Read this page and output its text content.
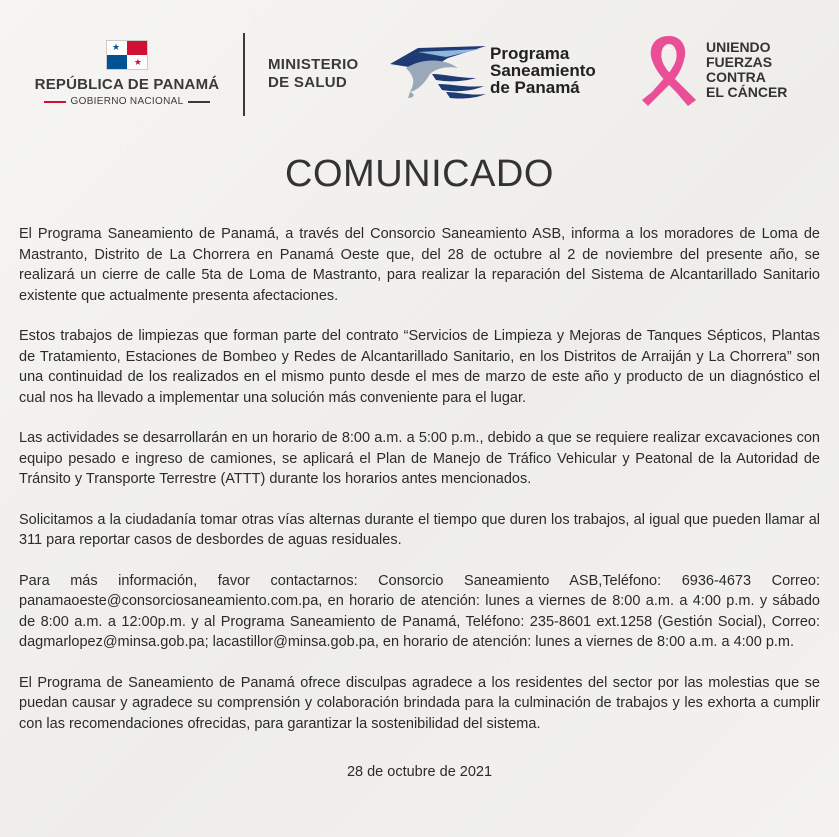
★
★
REPÚBLICA DE PANAMÁ
GOBIERNO NACIONAL
MINISTERIO
DE SALUD
Programa
Saneamiento
de Panamá
UNIENDO
FUERZAS
CONTRA
EL CÁNCER
COMUNICADO

El Programa Saneamiento de Panamá, a través del Consorcio Saneamiento ASB, informa a los moradores de Loma de Mastranto, Distrito de La Chorrera en Panamá Oeste que, del 28 de octubre al 2 de noviembre del presente año, se realizará un cierre de calle 5ta de Loma de Mastranto, para realizar la reparación del Sistema de Alcantarillado Sanitario existente que actualmente presenta afectaciones.

Estos trabajos de limpiezas que forman parte del contrato “Servicios de Limpieza y Mejoras de Tanques Sépticos, Plantas de Tratamiento, Estaciones de Bombeo y Redes de Alcantarillado Sanitario, en los Distritos de Arraiján y La Chorrera” son una continuidad de los realizados en el mismo punto desde el mes de marzo de este año y producto de un diagnóstico el cual nos ha llevado a implementar una solución más conveniente para el lugar.

Las actividades se desarrollarán en un horario de 8:00 a.m. a 5:00 p.m., debido a que se requiere realizar excavaciones con equipo pesado e ingreso de camiones, se aplicará el Plan de Manejo de Tráfico Vehicular y Peatonal de la Autoridad de Tránsito y Transporte Terrestre (ATTT) durante los horarios antes mencionados.

Solicitamos a la ciudadanía tomar otras vías alternas durante el tiempo que duren los trabajos, al igual que pueden llamar al 311 para reportar casos de desbordes de aguas residuales.

Para más información, favor contactarnos: Consorcio Saneamiento ASB,Teléfono: 6936-4673 Correo: panamaoeste@consorciosaneamiento.com.pa, en horario de atención: lunes a viernes de 8:00 a.m. a 4:00 p.m. y sábado de 8:00 a.m. a 12:00p.m. y al Programa Saneamiento de Panamá, Teléfono: 235-8601 ext.1258 (Gestión Social), Correo: dagmarlopez@minsa.gob.pa; lacastillor@minsa.gob.pa, en horario de atención: lunes a viernes de 8:00 a.m. a 4:00 p.m.

El Programa de Saneamiento de Panamá ofrece disculpas agradece a los residentes del sector por las molestias que se puedan causar y agradece su comprensión y colaboración brindada para la culminación de trabajos y les exhorta a cumplir con las recomendaciones ofrecidas, para garantizar la sostenibilidad del sistema.

28 de octubre de 2021
